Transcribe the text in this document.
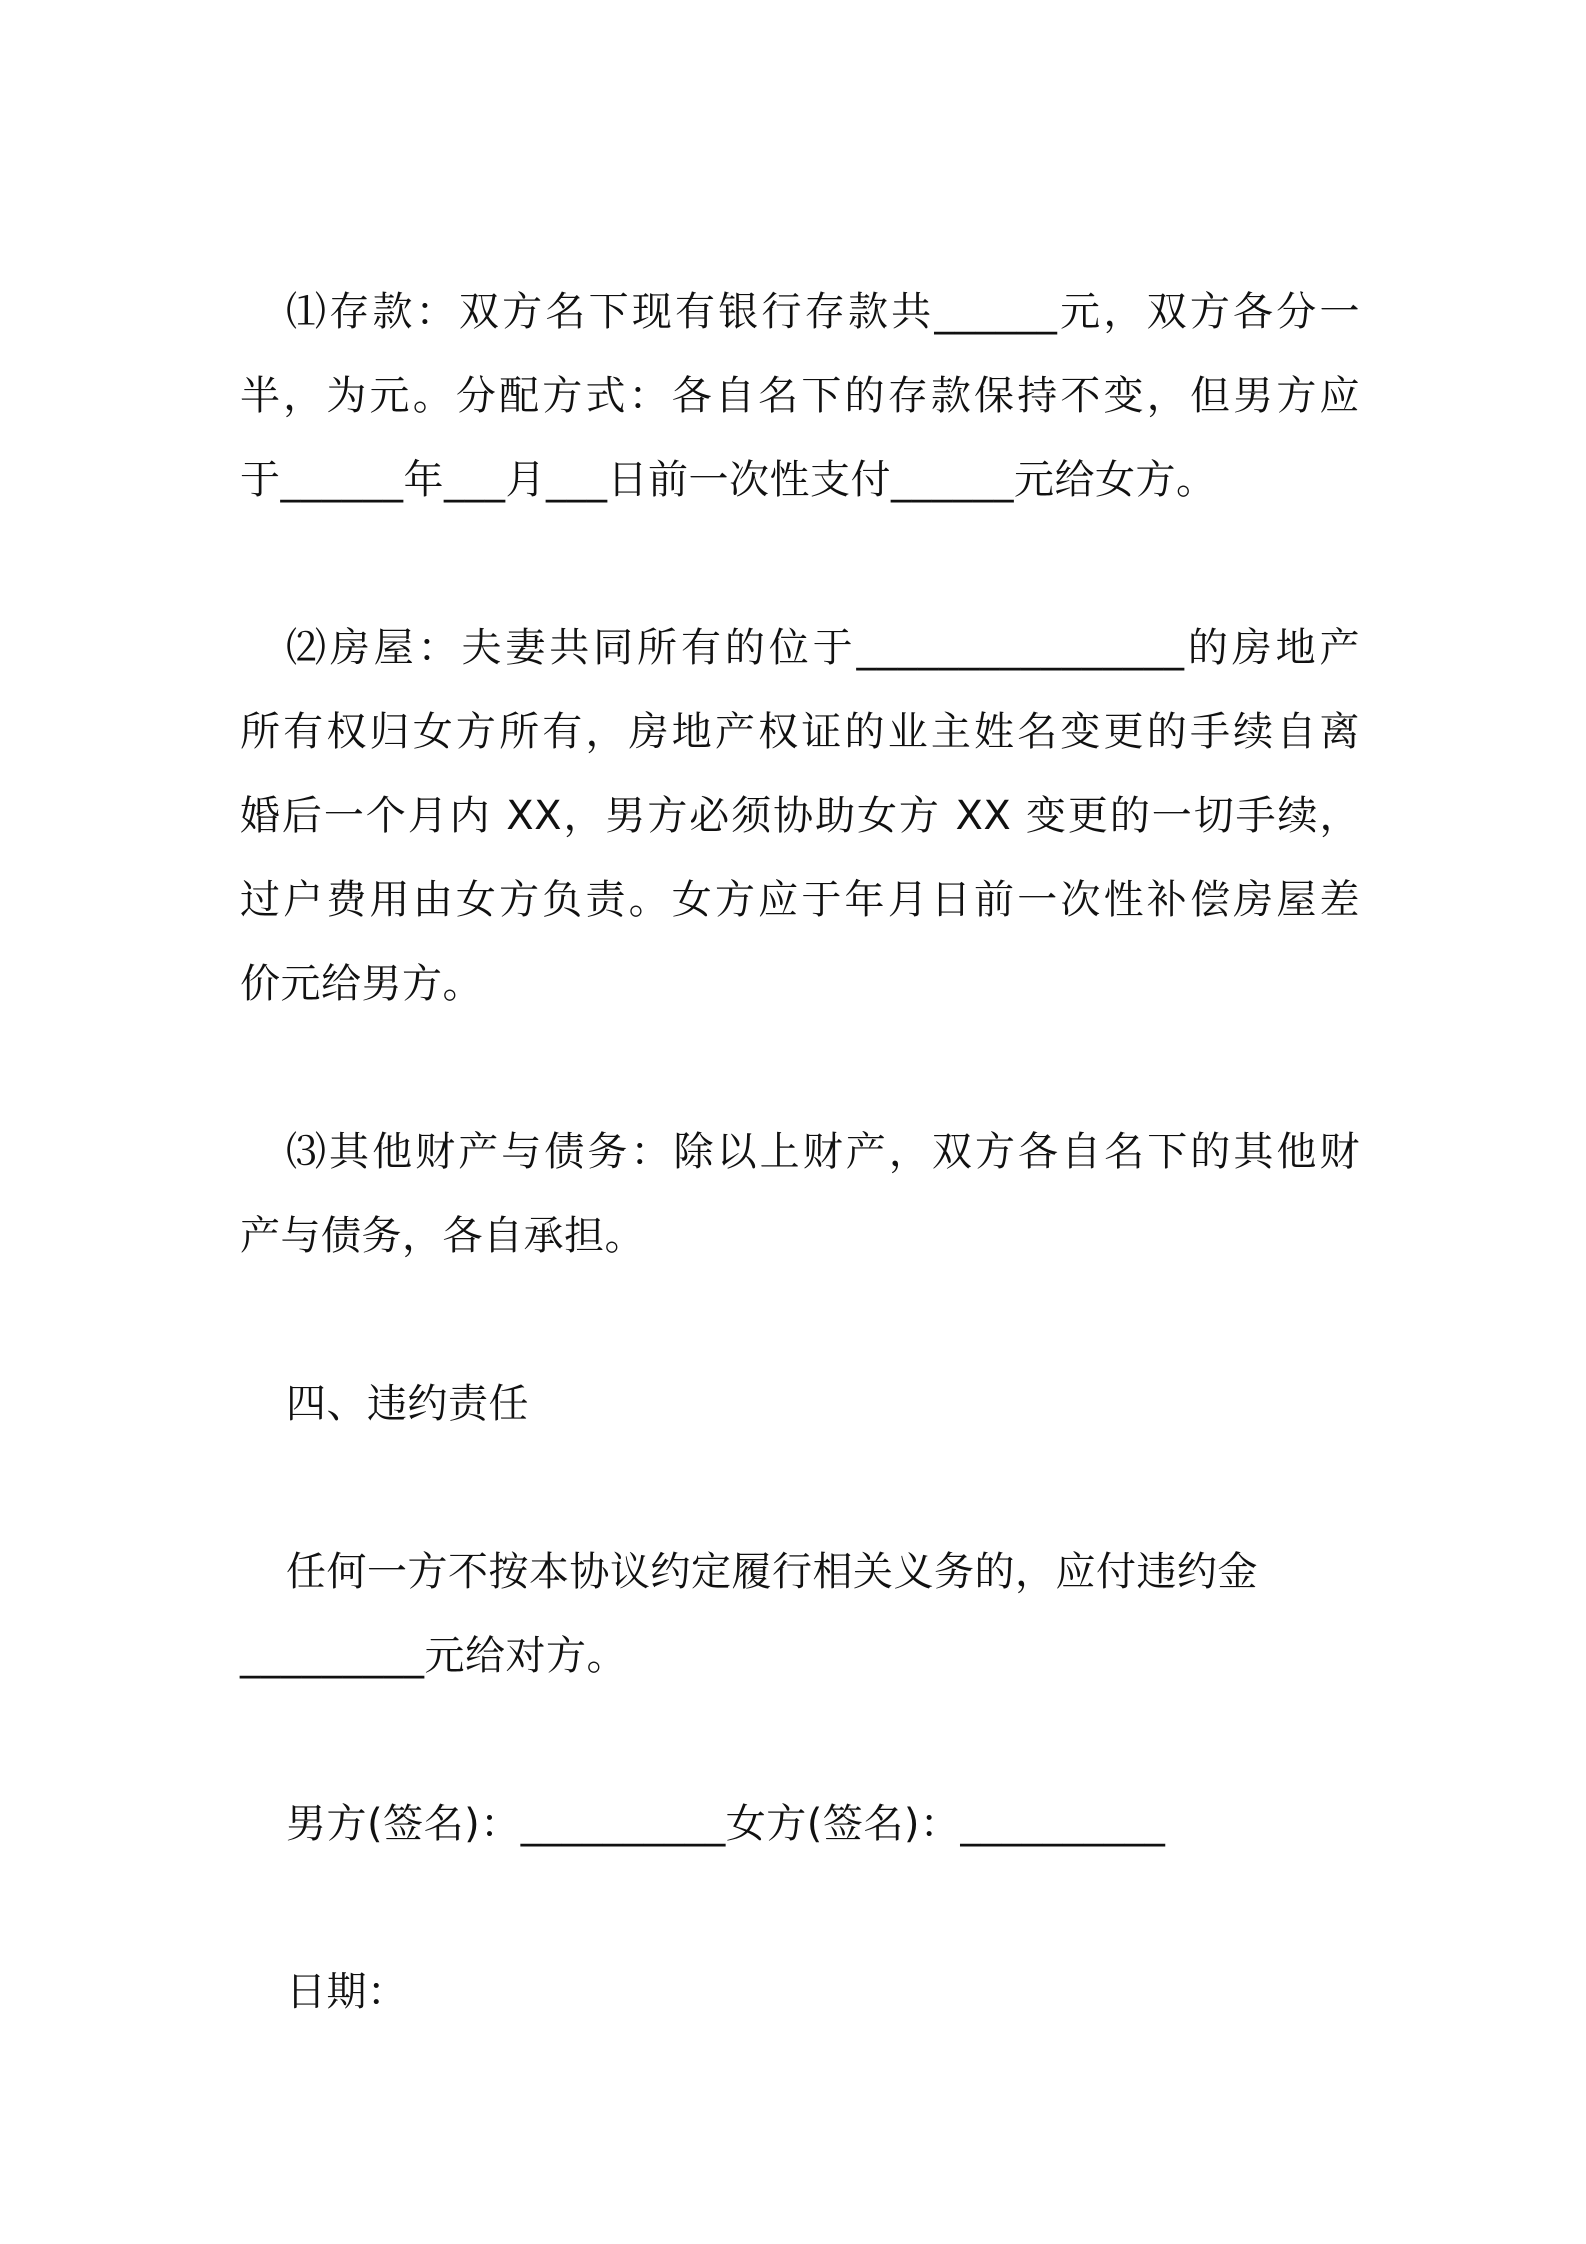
⑴存款：双方名下现有银行存款共______元，双方各分一
半，为元。分配方式：各自名下的存款保持不变，但男方应
于______年___月___日前一次性支付______元给女方。

⑵房屋：夫妻共同所有的位于________________的房地产
所有权归女方所有，房地产权证的业主姓名变更的手续自离
婚后一个月内 XX，男方必须协助女方 XX 变更的一切手续，
过户费用由女方负责。女方应于年月日前一次性补偿房屋差
价元给男方。

⑶其他财产与债务：除以上财产，双方各自名下的其他财
产与债务，各自承担。

四、违约责任

任何一方不按本协议约定履行相关义务的，应付违约金
_________元给对方。

男方(签名)：__________女方(签名)：__________

日期：
